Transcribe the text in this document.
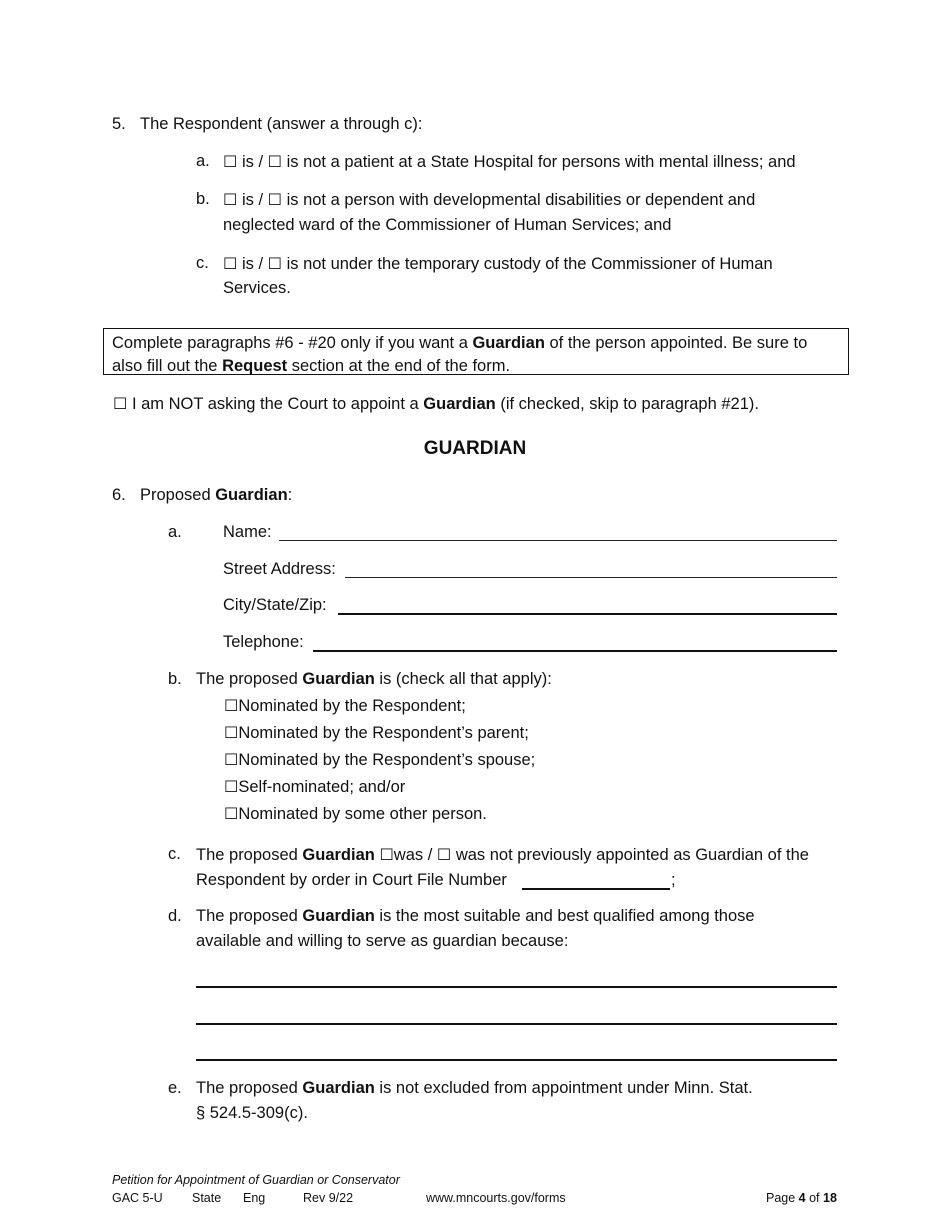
5. The Respondent (answer a through c):
a. ☐ is / ☐ is not a patient at a State Hospital for persons with mental illness; and
b. ☐ is / ☐ is not a person with developmental disabilities or dependent and
neglected ward of the Commissioner of Human Services; and
c. ☐ is / ☐ is not under the temporary custody of the Commissioner of Human
Services.
Complete paragraphs #6 - #20 only if you want a Guardian of the person appointed. Be sure to also fill out the Request section at the end of the form.
☐ I am NOT asking the Court to appoint a Guardian (if checked, skip to paragraph #21).
GUARDIAN
6. Proposed Guardian:
a. Name:
Street Address:
City/State/Zip:
Telephone:
b. The proposed Guardian is (check all that apply):
☐Nominated by the Respondent;
☐Nominated by the Respondent’s parent;
☐Nominated by the Respondent’s spouse;
☐Self-nominated; and/or
☐Nominated by some other person.
c. The proposed Guardian ☐was / ☐ was not previously appointed as Guardian of the
Respondent by order in Court File Number	;
d. The proposed Guardian is the most suitable and best qualified among those
available and willing to serve as guardian because:
e. The proposed Guardian is not excluded from appointment under Minn. Stat.
§ 524.5-309(c).
Petition for Appointment of Guardian or Conservator
GAC 5-U State Eng	Rev 9/22	www.mncourts.gov/forms	Page 4 of 18
